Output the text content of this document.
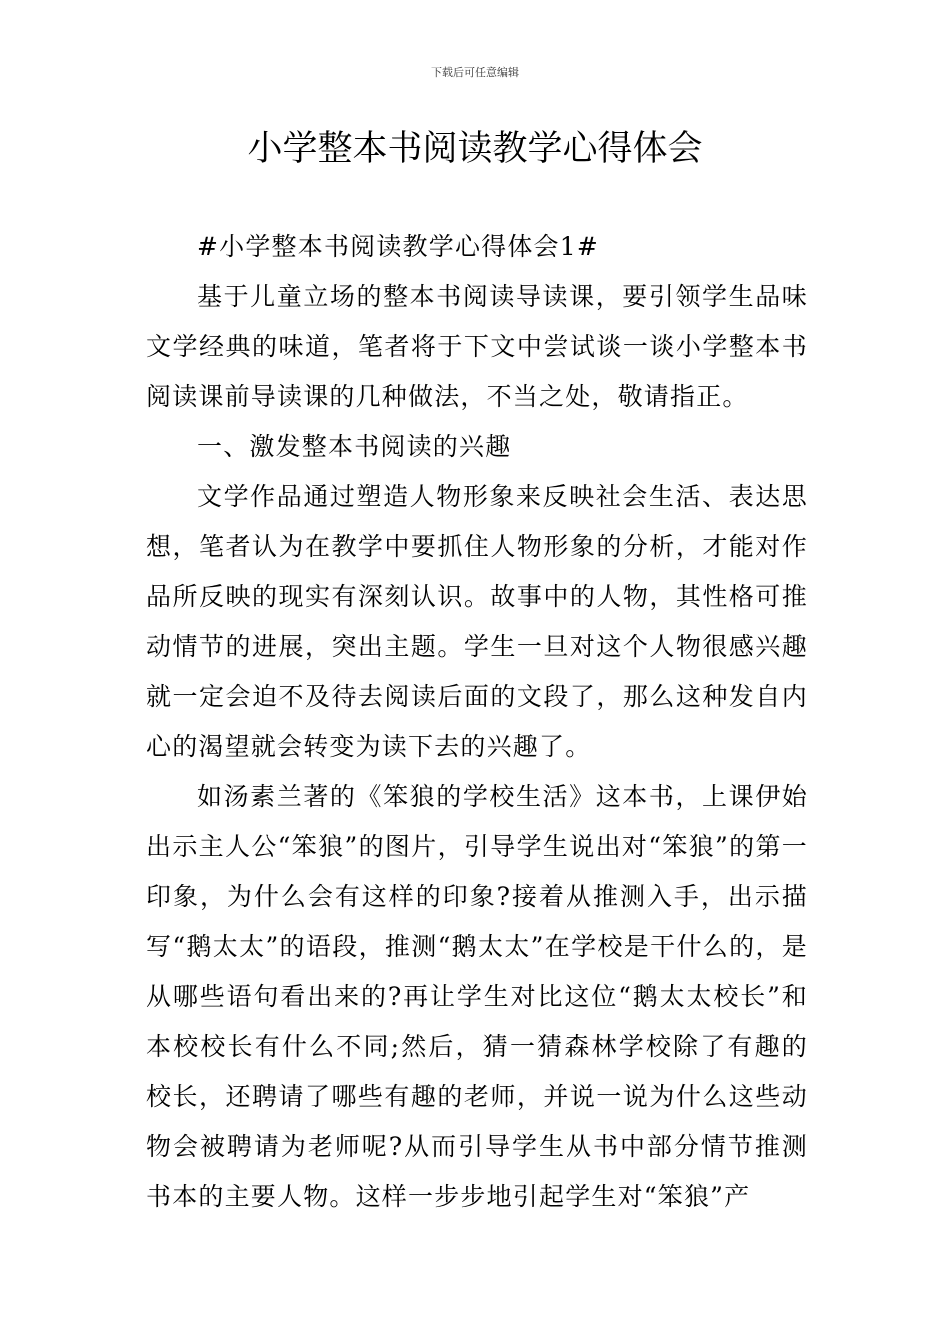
下载后可任意编辑
小学整本书阅读教学心得体会

#小学整本书阅读教学心得体会1#

基于儿童立场的整本书阅读导读课，要引领学生品味文学经典的味道，笔者将于下文中尝试谈一谈小学整本书阅读课前导读课的几种做法，不当之处，敬请指正。

一、激发整本书阅读的兴趣

文学作品通过塑造人物形象来反映社会生活、表达思想，笔者认为在教学中要抓住人物形象的分析，才能对作品所反映的现实有深刻认识。故事中的人物，其性格可推动情节的进展，突出主题。学生一旦对这个人物很感兴趣就一定会迫不及待去阅读后面的文段了，那么这种发自内心的渴望就会转变为读下去的兴趣了。

如汤素兰著的《笨狼的学校生活》这本书，上课伊始出示主人公“笨狼”的图片，引导学生说出对“笨狼”的第一印象，为什么会有这样的印象?接着从推测入手，出示描写“鹅太太”的语段，推测“鹅太太”在学校是干什么的，是从哪些语句看出来的?再让学生对比这位“鹅太太校长”和本校校长有什么不同;然后，猜一猜森林学校除了有趣的校长，还聘请了哪些有趣的老师，并说一说为什么这些动物会被聘请为老师呢?从而引导学生从书中部分情节推测书本的主要人物。这样一步步地引起学生对“笨狼”产
